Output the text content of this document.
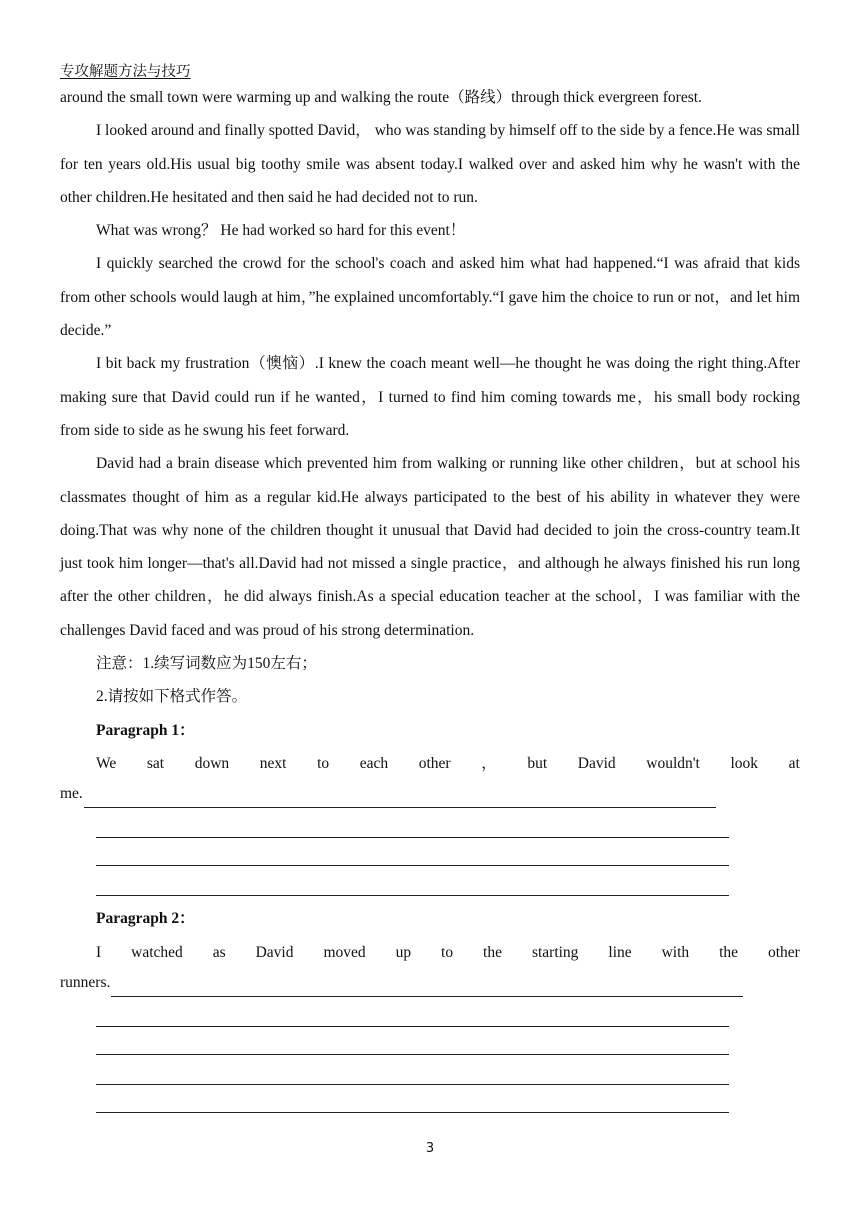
专攻解题方法与技巧

around the small town were warming up and walking the route（路线）through thick evergreen forest.

I looked around and finally spotted David， who was standing by himself off to the side by a fence.He was small for ten years old.His usual big toothy smile was absent today.I walked over and asked him why he wasn't with the other children.He hesitated and then said he had decided not to run.

What was wrong？ He had worked so hard for this event！

I quickly searched the crowd for the school's coach and asked him what had happened.“I was afraid that kids from other schools would laugh at him，”he explained uncomfortably.“I gave him the choice to run or not，and let him decide.”

I bit back my frustration（懊恼）.I knew the coach meant well—he thought he was doing the right thing.After making sure that David could run if he wanted，I turned to find him coming towards me，his small body rocking from side to side as he swung his feet forward.

David had a brain disease which prevented him from walking or running like other children，but at school his classmates thought of him as a regular kid.He always participated to the best of his ability in whatever they were doing.That was why none of the children thought it unusual that David had decided to join the cross-country team.It just took him longer—that's all.David had not missed a single practice，and although he always finished his run long after the other children，he did always finish.As a special education teacher at the school，I was familiar with the challenges David faced and was proud of his strong determination.

注意：1.续写词数应为150左右；

2.请按如下格式作答。

Paragraph 1：

We sat down next to each other ， but David wouldn't look at
me.

Paragraph 2：

I watched as David moved up to the starting line with the other
runners.
3
